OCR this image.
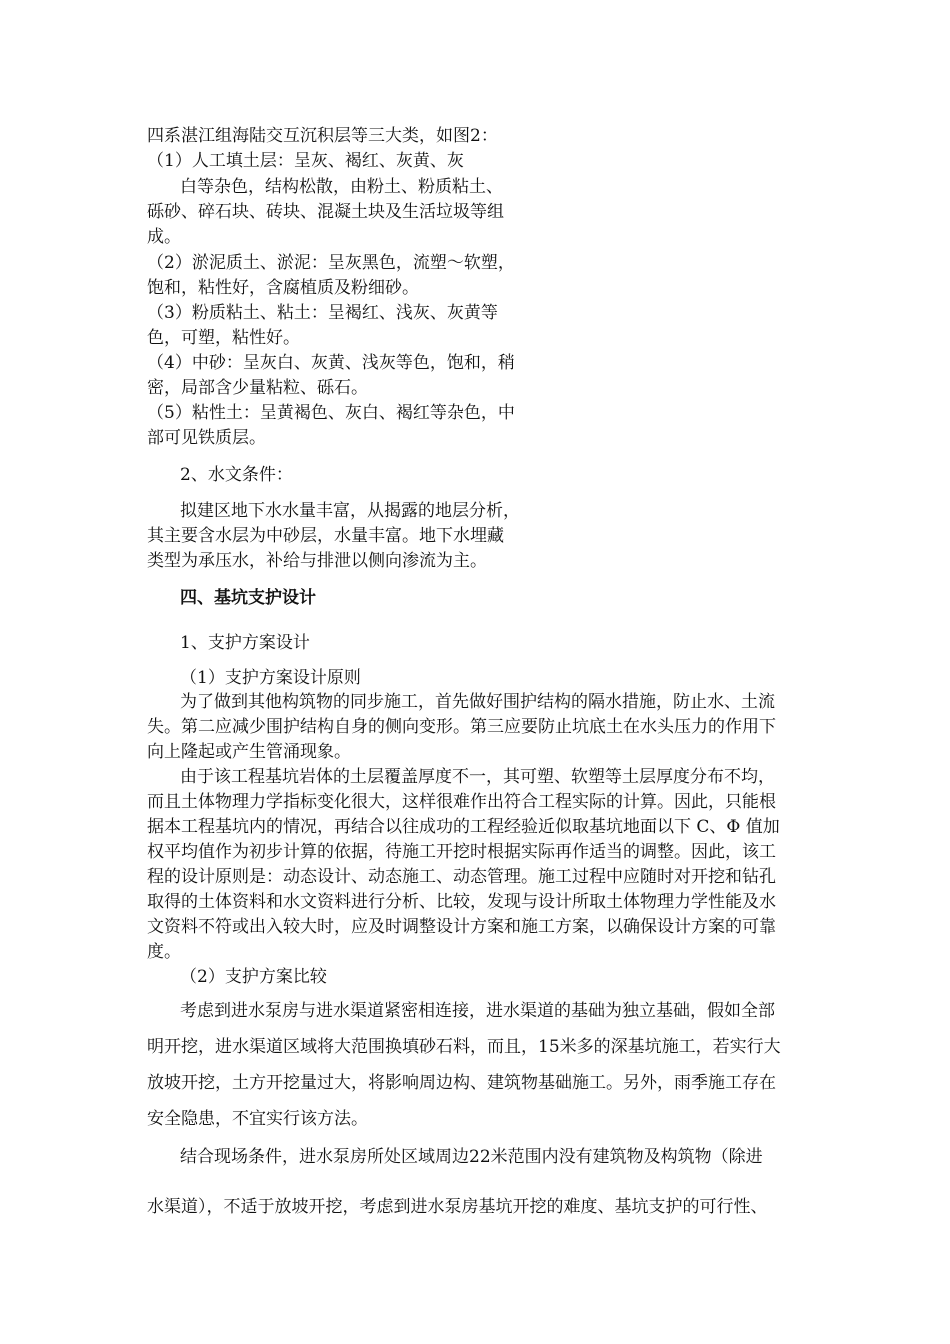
四系湛江组海陆交互沉积层等三大类，如图2：
（1）人工填土层：呈灰、褐红、灰黄、灰
白等杂色，结构松散，由粉土、粉质粘土、
砾砂、碎石块、砖块、混凝土块及生活垃圾等组
成。
（2）淤泥质土、淤泥：呈灰黑色，流塑～软塑，
饱和，粘性好，含腐植质及粉细砂。
（3）粉质粘土、粘土：呈褐红、浅灰、灰黄等
色，可塑，粘性好。
（4）中砂：呈灰白、灰黄、浅灰等色，饱和，稍
密，局部含少量粘粒、砾石。
（5）粘性土：呈黄褐色、灰白、褐红等杂色，中
部可见铁质层。
2、水文条件：
拟建区地下水水量丰富，从揭露的地层分析，
其主要含水层为中砂层，水量丰富。地下水埋藏
类型为承压水，补给与排泄以侧向渗流为主。
四、基坑支护设计
1、支护方案设计
（1）支护方案设计原则
为了做到其他构筑物的同步施工，首先做好围护结构的隔水措施，防止水、土流
失。第二应减少围护结构自身的侧向变形。第三应要防止坑底土在水头压力的作用下
向上隆起或产生管涌现象。
由于该工程基坑岩体的土层覆盖厚度不一，其可塑、软塑等土层厚度分布不均，
而且土体物理力学指标变化很大，这样很难作出符合工程实际的计算。因此，只能根
据本工程基坑内的情况，再结合以往成功的工程经验近似取基坑地面以下 C、Φ 值加
权平均值作为初步计算的依据，待施工开挖时根据实际再作适当的调整。因此，该工
程的设计原则是：动态设计、动态施工、动态管理。施工过程中应随时对开挖和钻孔
取得的土体资料和水文资料进行分析、比较，发现与设计所取土体物理力学性能及水
文资料不符或出入较大时，应及时调整设计方案和施工方案，以确保设计方案的可靠
度。
（2）支护方案比较
考虑到进水泵房与进水渠道紧密相连接，进水渠道的基础为独立基础，假如全部
明开挖，进水渠道区域将大范围换填砂石料，而且，15米多的深基坑施工，若实行大
放坡开挖，土方开挖量过大，将影响周边构、建筑物基础施工。另外，雨季施工存在
安全隐患，不宜实行该方法。
结合现场条件，进水泵房所处区域周边22米范围内没有建筑物及构筑物（除进
水渠道），不适于放坡开挖，考虑到进水泵房基坑开挖的难度、基坑支护的可行性、
